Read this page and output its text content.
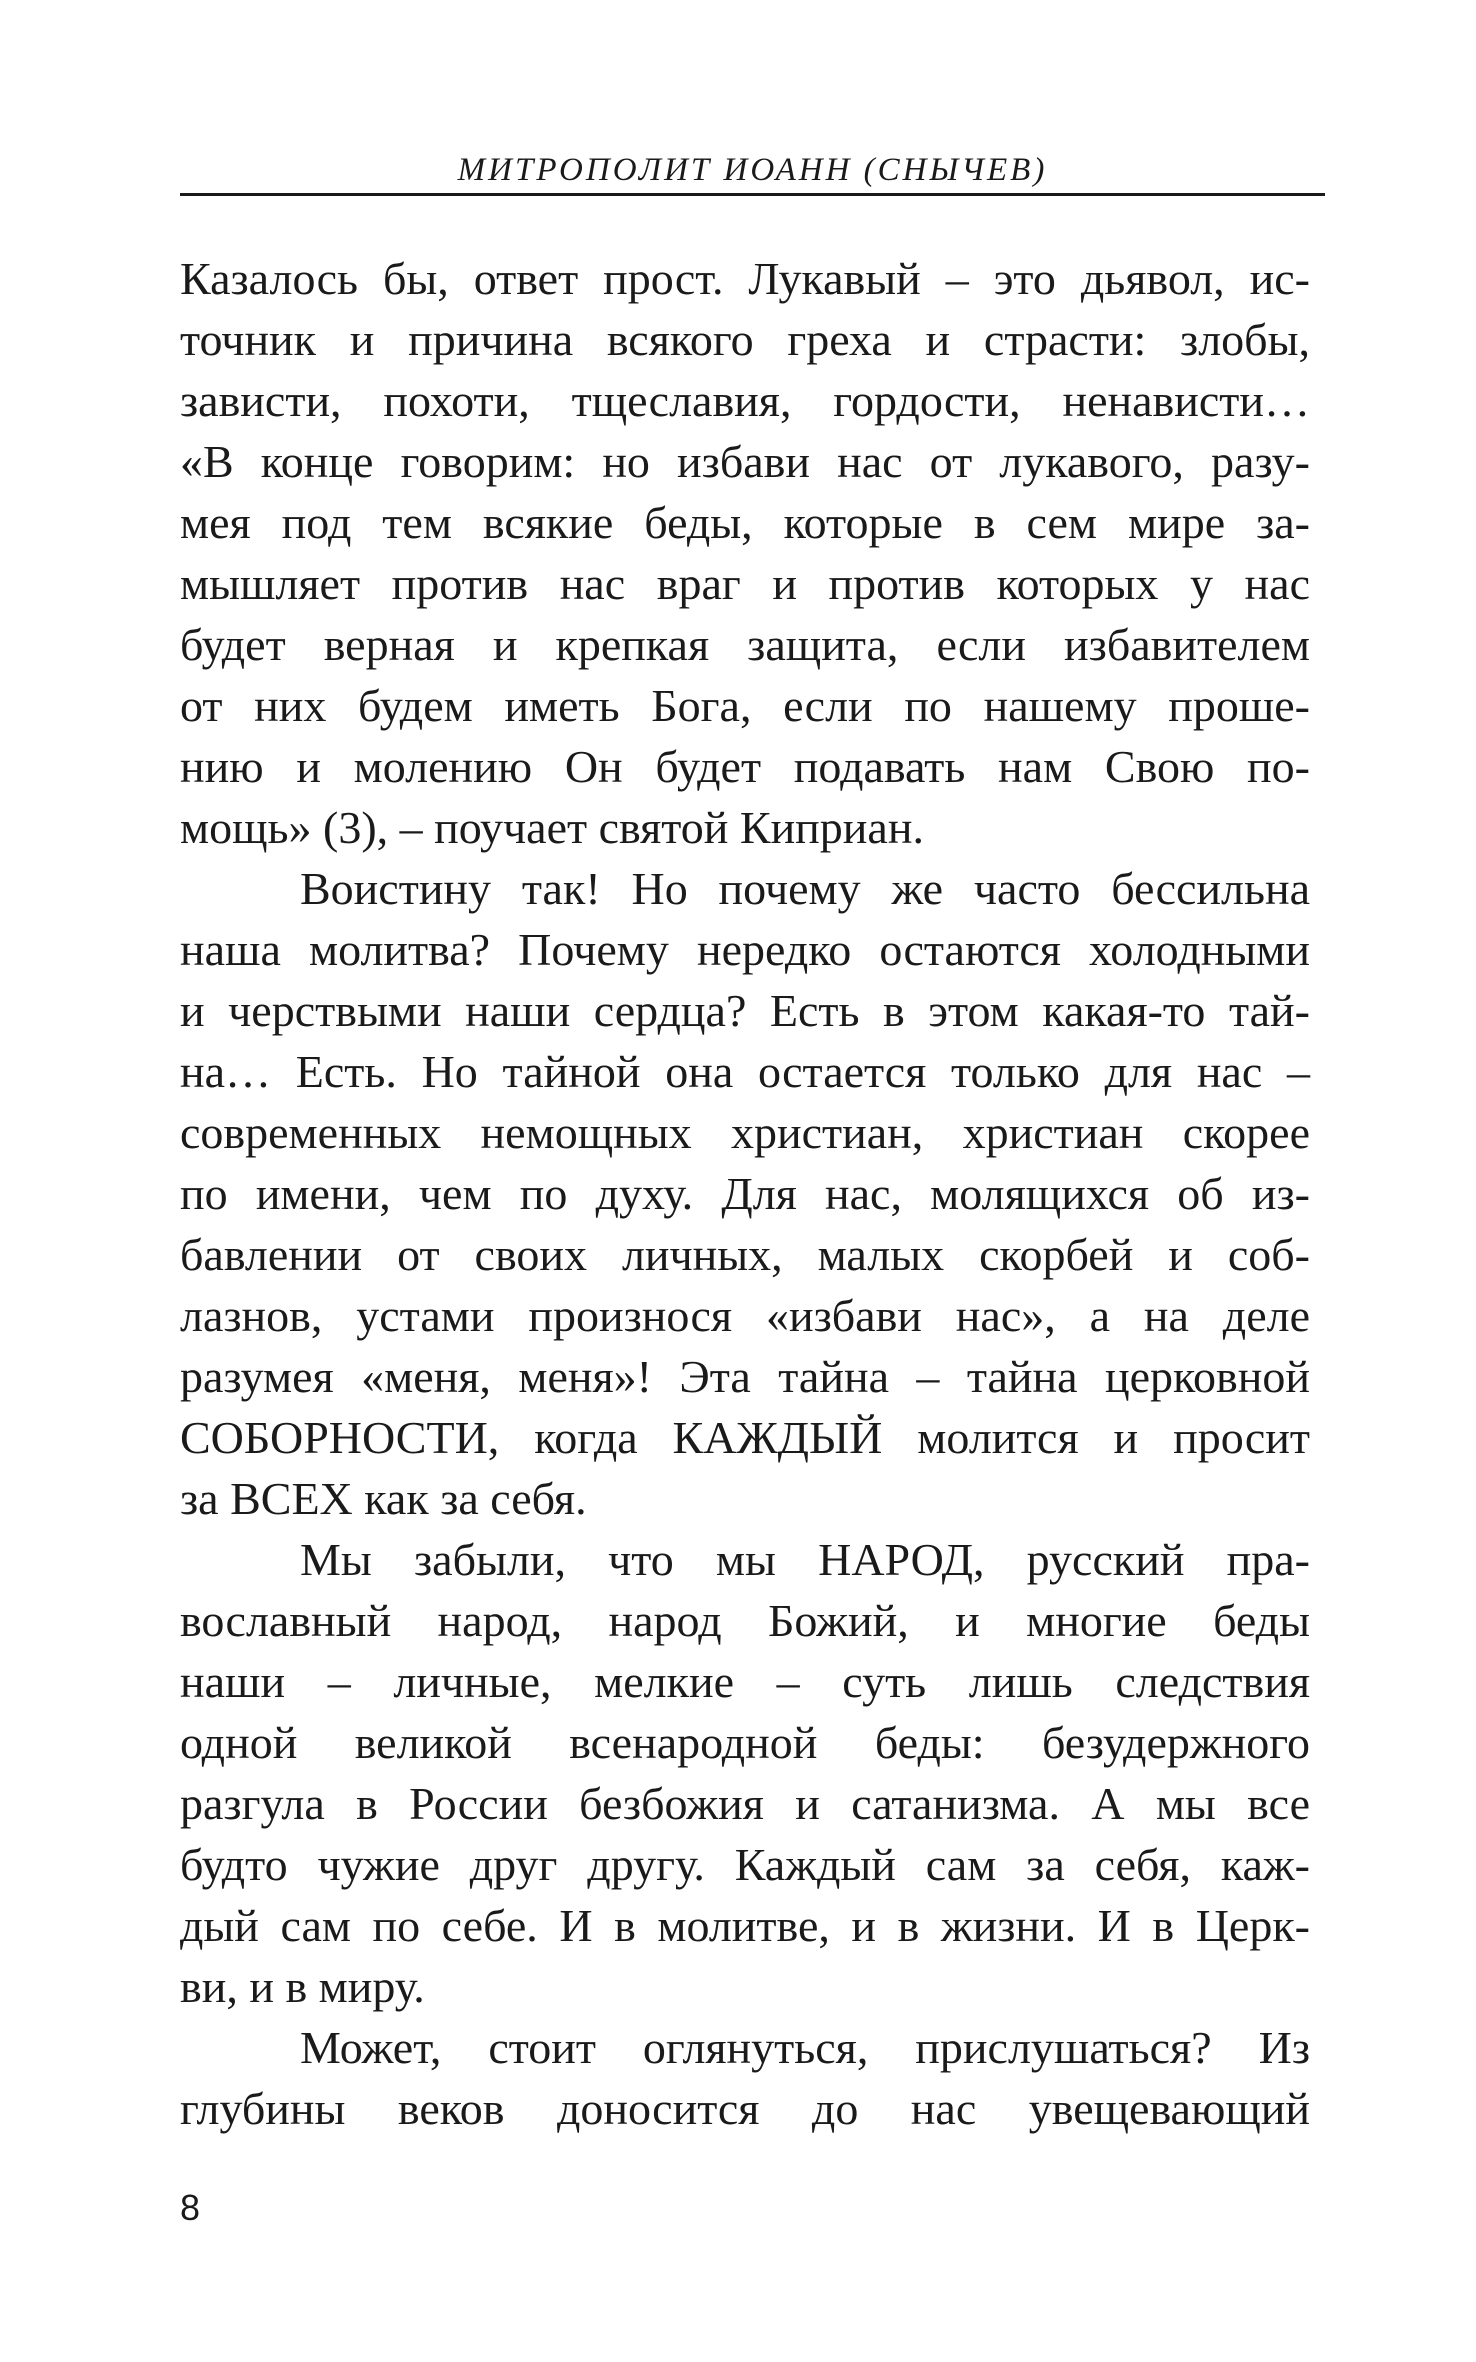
МИТРОПОЛИТ ИОАНН (СНЫЧЕВ)
Казалось бы, ответ прост. Лукавый – это дьявол, ис-
точник и причина всякого греха и страсти: злобы,
зависти, похоти, тщеславия, гордости, ненависти…
«В конце говорим: но избави нас от лукавого, разу-
мея под тем всякие беды, которые в сем мире за-
мышляет против нас враг и против которых у нас
будет верная и крепкая защита, если избавителем
от них будем иметь Бога, если по нашему проше-
нию и молению Он будет подавать нам Свою по-
мощь» (3), – поучает святой Киприан.
Воистину так! Но почему же часто бессильна
наша молитва? Почему нередко остаются холодными
и черствыми наши сердца? Есть в этом какая-то тай-
на… Есть. Но тайной она остается только для нас –
современных немощных христиан, христиан скорее
по имени, чем по духу. Для нас, молящихся об из-
бавлении от своих личных, малых скорбей и соб-
лазнов, устами произнося «избави нас», а на деле
разумея «меня, меня»! Эта тайна – тайна церковной
СОБОРНОСТИ, когда КАЖДЫЙ молится и просит
за ВСЕХ как за себя.
Мы забыли, что мы НАРОД, русский пра-
вославный народ, народ Божий, и многие беды
наши – личные, мелкие – суть лишь следствия
одной великой всенародной беды: безудержного
разгула в России безбожия и сатанизма. А мы все
будто чужие друг другу. Каждый сам за себя, каж-
дый сам по себе. И в молитве, и в жизни. И в Церк-
ви, и в миру.
Может, стоит оглянуться, прислушаться? Из
глубины веков доносится до нас увещевающий
8
